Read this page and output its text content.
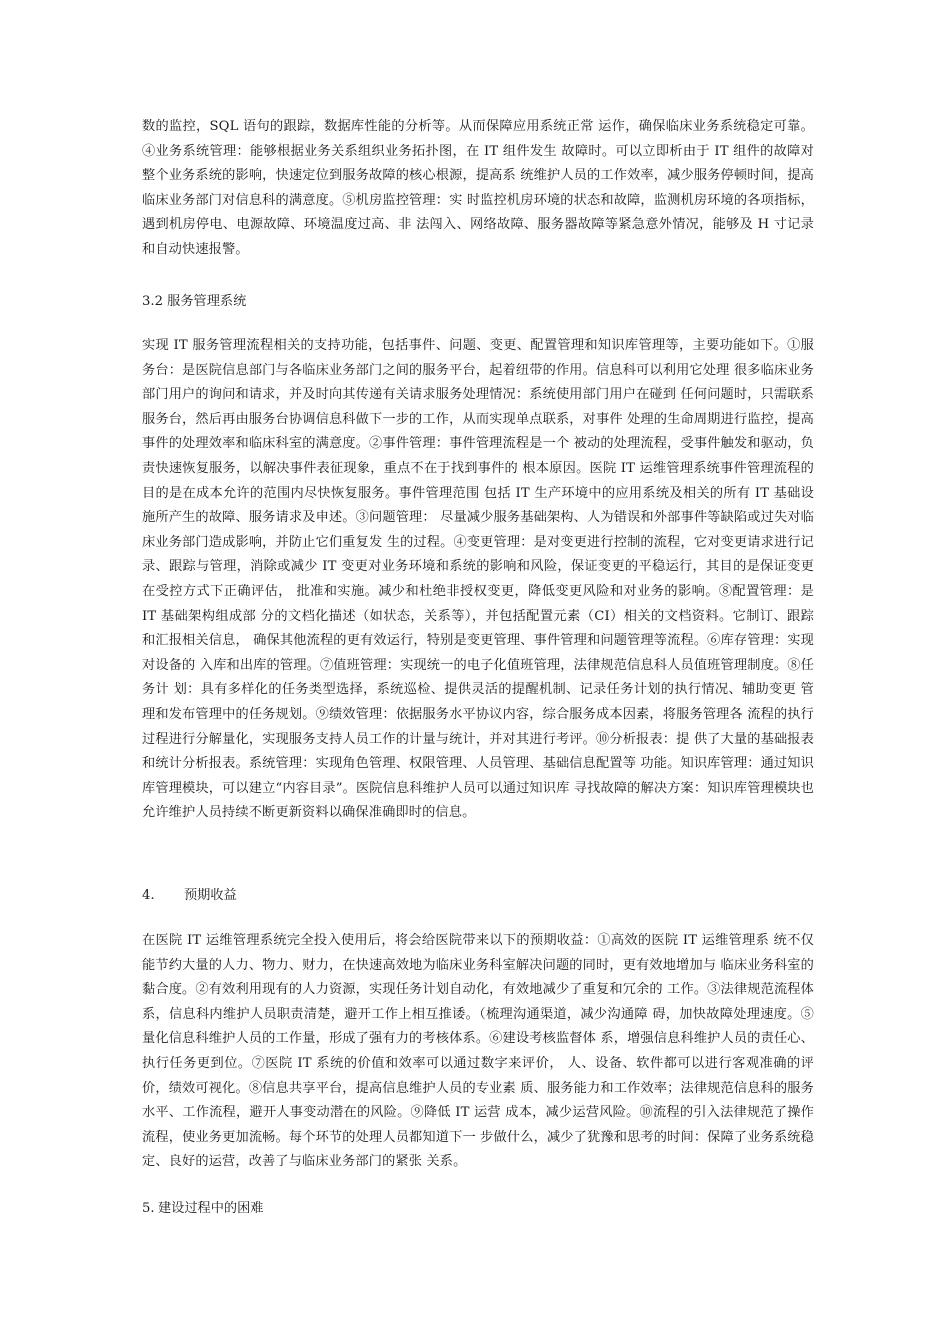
数的监控，SQL 语句的跟踪，数据库性能的分析等。从而保障应用系统正常 运作，确保临床业务系统稳定可靠。④业务系统管理：能够根据业务关系组织业务拓扑图，在 IT 组件发生 故障时。可以立即析由于 IT 组件的故障对整个业务系统的影响，快速定位到服务故障的核心根源，提高系 统维护人员的工作效率，减少服务停顿时间，提高临床业务部门对信息科的满意度。⑤机房监控管理：实 时监控机房环境的状态和故障，监测机房环境的各项指标，遇到机房停电、电源故障、环境温度过高、非 法闯入、网络故障、服务器故障等紧急意外情况，能够及 H 寸记录和自动快速报警。

3.2 服务管理系统

实现 IT 服务管理流程相关的支持功能，包括事件、问题、变更、配置管理和知识库管理等，主要功能如下。①服务台：是医院信息部门与各临床业务部门之间的服务平台，起着纽带的作用。信息科可以利用它处理 很多临床业务部门用户的询问和请求，并及时向其传递有关请求服务处理情况：系统使用部门用户在碰到 任何问题时，只需联系服务台，然后再由服务台协调信息科做下一步的工作，从而实现单点联系，对事件 处理的生命周期进行监控，提高事件的处理效率和临床科室的满意度。②事件管理：事件管理流程是一个 被动的处理流程，受事件触发和驱动，负责快速恢复服务，以解决事件表征现象，重点不在于找到事件的 根本原因。医院 IT 运维管理系统事件管理流程的目的是在成本允许的范围内尽快恢复服务。事件管理范围 包括 IT 生产环境中的应用系统及相关的所有 IT 基础设施所产生的故障、服务请求及申述。③问题管理： 尽量减少服务基础架构、人为错误和外部事件等缺陷或过失对临床业务部门造成影响，并防止它们重复发 生的过程。④变更管理：是对变更进行控制的流程，它对变更请求进行记录、跟踪与管理，消除或减少 IT 变更对业务环境和系统的影响和风险，保证变更的平稳运行，其目的是保证变更在受控方式下正确评估， 批准和实施。减少和杜绝非授权变更，降低变更风险和对业务的影响。⑧配置管理：是 IT 基础架构组成部 分的文档化描述（如状态，关系等），并包括配置元素（CI）相关的文档资料。它制订、跟踪和汇报相关信息， 确保其他流程的更有效运行，特别是变更管理、事件管理和问题管理等流程。⑥库存管理：实现对设备的 入库和出库的管理。⑦值班管理：实现统一的电子化值班管理，法律规范信息科人员值班管理制度。⑧任务计 划：具有多样化的任务类型选择，系统巡检、提供灵活的提醒机制、记录任务计划的执行情况、辅助变更 管理和发布管理中的任务规划。⑨绩效管理：依据服务水平协议内容，综合服务成本因素，将服务管理各 流程的执行过程进行分解量化，实现服务支持人员工作的计量与统计，并对其进行考评。⑩分析报表：提 供了大量的基础报表和统计分析报表。系统管理：实现角色管理、权限管理、人员管理、基础信息配置等 功能。知识库管理：通过知识库管理模块，可以建立“内容目录”。医院信息科维护人员可以通过知识库 寻找故障的解决方案：知识库管理模块也允许维护人员持续不断更新资料以确保准确即时的信息。

4. 预期收益

在医院 IT 运维管理系统完全投入使用后，将会给医院带来以下的预期收益：①高效的医院 IT 运维管理系 统不仅能节约大量的人力、物力、财力，在快速高效地为临床业务科室解决问题的同时，更有效地增加与 临床业务科室的黏合度。②有效利用现有的人力资源，实现任务计划自动化，有效地减少了重复和冗余的 工作。③法律规范流程体系，信息科内维护人员职责清楚，避开工作上相互推诿。（梳理沟通渠道，减少沟通障 碍，加快故障处理速度。⑤量化信息科维护人员的工作量，形成了强有力的考核体系。⑥建设考核监督体 系，增强信息科维护人员的责任心、执行任务更到位。⑦医院 IT 系统的价值和效率可以通过数字来评价， 人、设备、软件都可以进行客观准确的评价，绩效可视化。⑧信息共享平台，提高信息维护人员的专业素 质、服务能力和工作效率；法律规范信息科的服务水平、工作流程，避开人事变动潜在的风险。⑨降低 IT 运营 成本，减少运营风险。⑩流程的引入法律规范了操作流程，使业务更加流畅。每个环节的处理人员都知道下一 步做什么，减少了犹豫和思考的时间：保障了业务系统稳定、良好的运营，改善了与临床业务部门的紧张 关系。

5. 建设过程中的困难
